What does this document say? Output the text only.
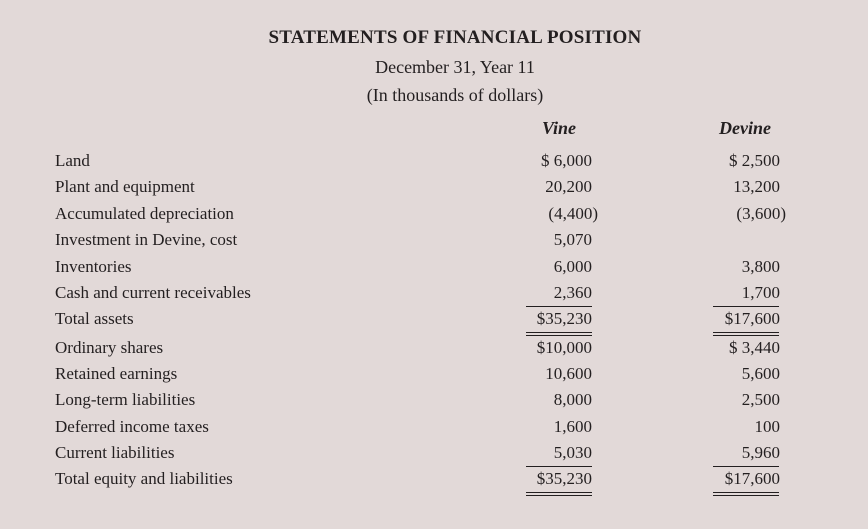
STATEMENTS OF FINANCIAL POSITION
December 31, Year 11
(In thousands of dollars)
Vine	Devine
Land	$ 6,000	$ 2,500
Plant and equipment	20,200	13,200
Accumulated depreciation	(4,400)	(3,600)
Investment in Devine, cost	5,070
Inventories	6,000	3,800
Cash and current receivables	2,360	1,700
Total assets	$35,230	$17,600
Ordinary shares	$10,000	$ 3,440
Retained earnings	10,600	5,600
Long-term liabilities	8,000	2,500
Deferred income taxes	1,600	100
Current liabilities	5,030	5,960
Total equity and liabilities	$35,230	$17,600
